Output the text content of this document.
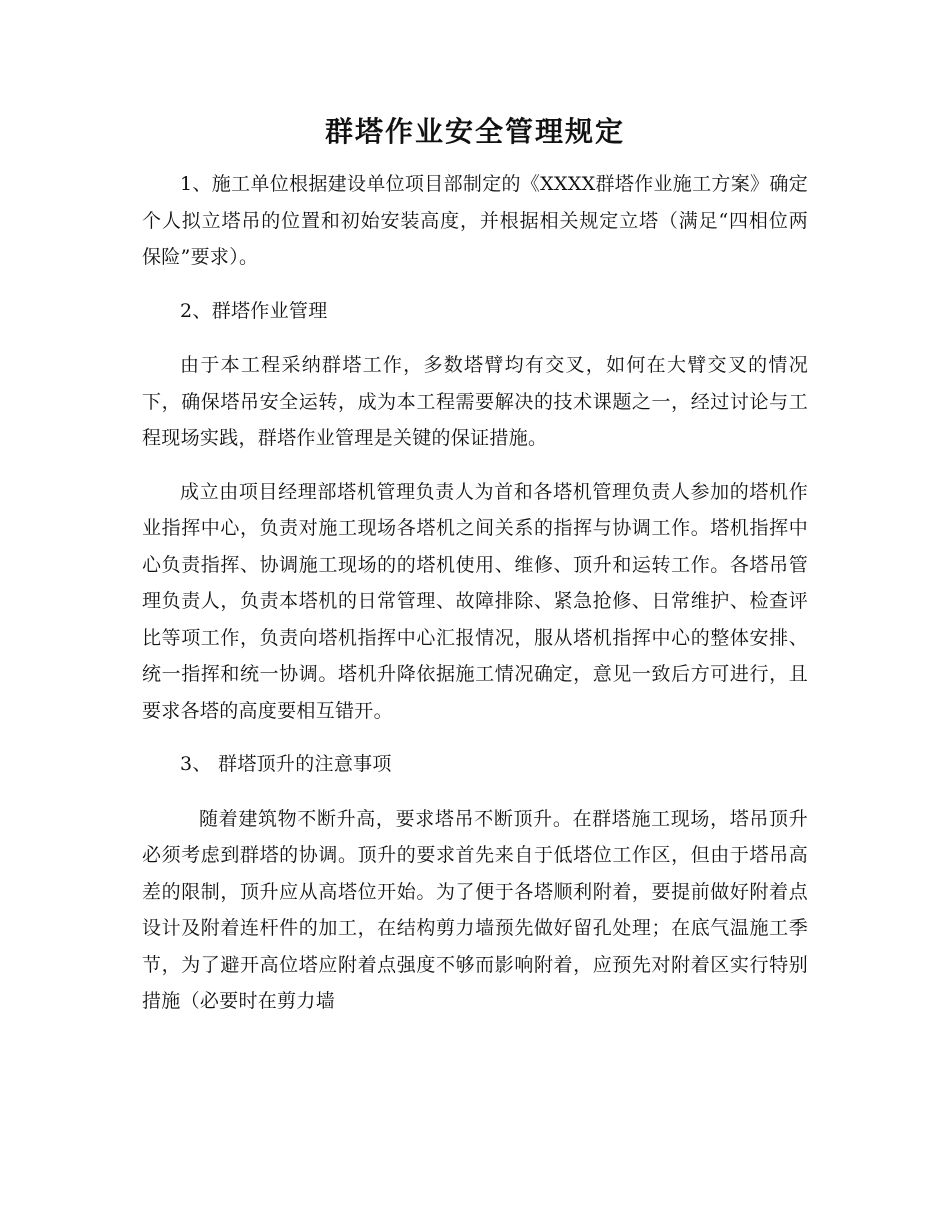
群塔作业安全管理规定

1、施工单位根据建设单位项目部制定的《XXXX群塔作业施工方案》确定个人拟立塔吊的位置和初始安装高度，并根据相关规定立塔（满足“四相位两保险”要求）。

2、群塔作业管理

由于本工程采纳群塔工作，多数塔臂均有交叉，如何在大臂交叉的情况下，确保塔吊安全运转，成为本工程需要解决的技术课题之一，经过讨论与工程现场实践，群塔作业管理是关键的保证措施。

成立由项目经理部塔机管理负责人为首和各塔机管理负责人参加的塔机作业指挥中心，负责对施工现场各塔机之间关系的指挥与协调工作。塔机指挥中心负责指挥、协调施工现场的的塔机使用、维修、顶升和运转工作。各塔吊管理负责人，负责本塔机的日常管理、故障排除、紧急抢修、日常维护、检查评比等项工作，负责向塔机指挥中心汇报情况，服从塔机指挥中心的整体安排、统一指挥和统一协调。塔机升降依据施工情况确定，意见一致后方可进行，且要求各塔的高度要相互错开。

3、 群塔顶升的注意事项

随着建筑物不断升高，要求塔吊不断顶升。在群塔施工现场，塔吊顶升必须考虑到群塔的协调。顶升的要求首先来自于低塔位工作区，但由于塔吊高差的限制，顶升应从高塔位开始。为了便于各塔顺利附着，要提前做好附着点设计及附着连杆件的加工，在结构剪力墙预先做好留孔处理；在底气温施工季节，为了避开高位塔应附着点强度不够而影响附着，应预先对附着区实行特别措施（必要时在剪力墙
